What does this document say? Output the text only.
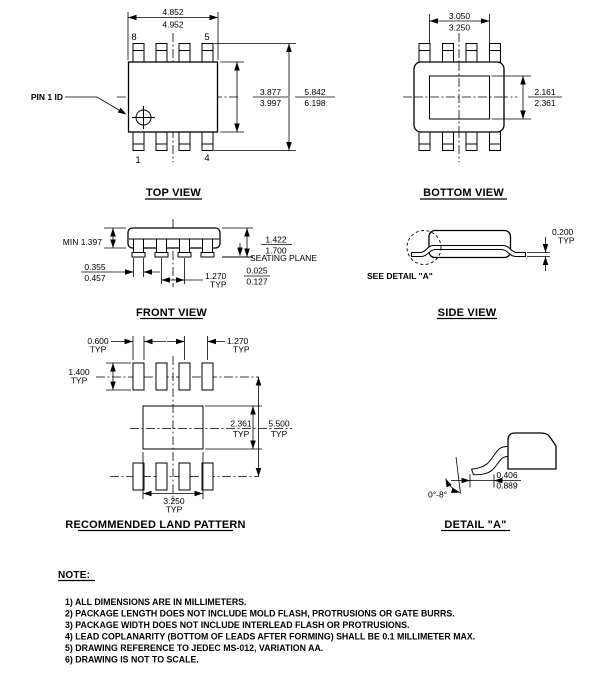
4.852
4.952
8	5
1	4
PIN 1 ID	3.877
3.997
5.842
6.198
TOP VIEW
3.050
3.250
2.161
2.361
BOTTOM VIEW
MIN 1.397	1.422
1.700
SEATING PLANE
0.025
0.127
0.355
0.457	1.270
TYP
FRONT VIEW
0.200
TYP
SEE DETAIL "A"
SIDE VIEW
0.600
TYP
1.270
TYP
1.400
TYP
2.361
TYP
5.500
TYP
3.250
TYP
RECOMMENDED LAND PATTERN
0°-8°
0.406
0.889
DETAIL "A"
NOTE:
1) ALL DIMENSIONS ARE IN MILLIMETERS.
2) PACKAGE LENGTH DOES NOT INCLUDE MOLD FLASH, PROTRUSIONS OR GATE BURRS.
3) PACKAGE WIDTH DOES NOT INCLUDE INTERLEAD FLASH OR PROTRUSIONS.
4) LEAD COPLANARITY (BOTTOM OF LEADS AFTER FORMING) SHALL BE 0.1 MILLIMETER MAX.
5) DRAWING REFERENCE TO JEDEC MS-012, VARIATION AA.
6) DRAWING IS NOT TO SCALE.
